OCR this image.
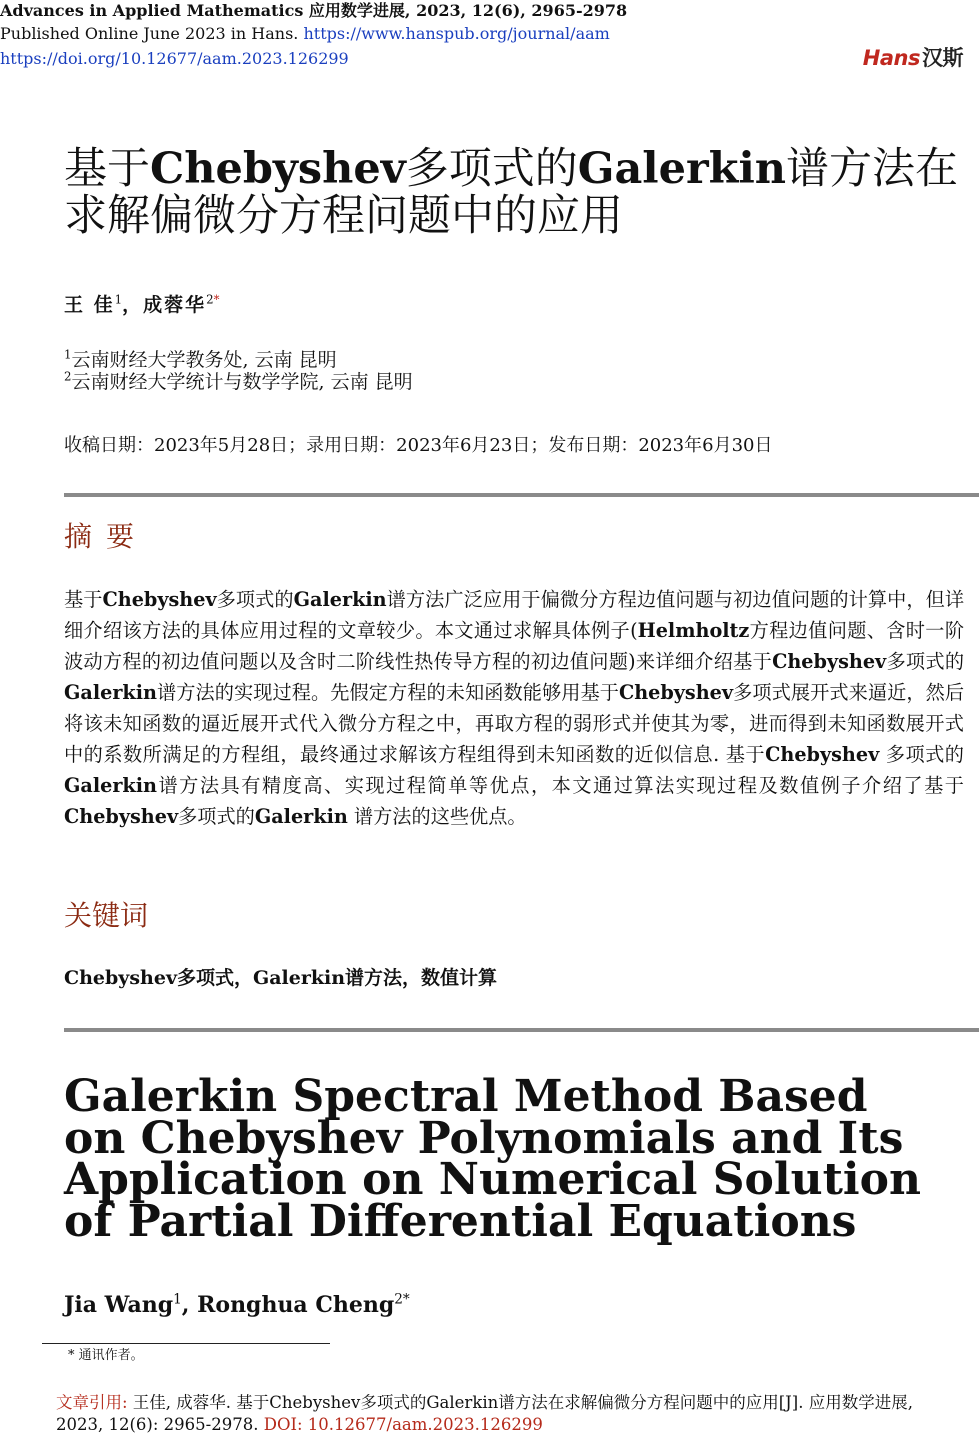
Advances in Applied Mathematics 应用数学进展, 2023, 12(6), 2965-2978
Published Online June 2023 in Hans. https://www.hanspub.org/journal/aam
https://doi.org/10.12677/aam.2023.126299	Hans汉斯
基于Chebyshev多项式的Galerkin谱方法在
求解偏微分方程问题中的应用
王 佳$^1$，成蓉华$^{2*}$
$^1$云南财经大学教务处, 云南 昆明
$^2$云南财经大学统计与数学学院, 云南 昆明
收稿日期：2023年5月28日；录用日期：2023年6月23日；发布日期：2023年6月30日
摘要
基于Chebyshev多项式的Galerkin谱方法广泛应用于偏微分方程边值问题与初边值问题的计算中，但详细介绍该方法的具体应用过程的文章较少。本文通过求解具体例子(Helmholtz方程边值问题、含时一阶波动方程的初边值问题以及含时二阶线性热传导方程的初边值问题)来详细介绍基于Chebyshev多项式的Galerkin谱方法的实现过程。先假定方程的未知函数能够用基于Chebyshev多项式展开式来逼近，然后将该未知函数的逼近展开式代入微分方程之中，再取方程的弱形式并使其为零，进而得到未知函数展开式中的系数所满足的方程组，最终通过求解该方程组得到未知函数的近似信息. 基于Chebyshev 多项式的Galerkin谱方法具有精度高、实现过程简单等优点，本文通过算法实现过程及数值例子介绍了基于Chebyshev多项式的Galerkin 谱方法的这些优点。
关键词
Chebyshev多项式，Galerkin谱方法，数值计算
Galerkin Spectral Method Based on Chebyshev Polynomials and Its Application on Numerical Solution of Partial Differential Equations
Jia Wang$^1$, Ronghua Cheng$^{2*}$
* 通讯作者。
文章引用: 王佳, 成蓉华. 基于Chebyshev多项式的Galerkin谱方法在求解偏微分方程问题中的应用[J]. 应用数学进展, 2023, 12(6): 2965-2978. DOI: 10.12677/aam.2023.126299
